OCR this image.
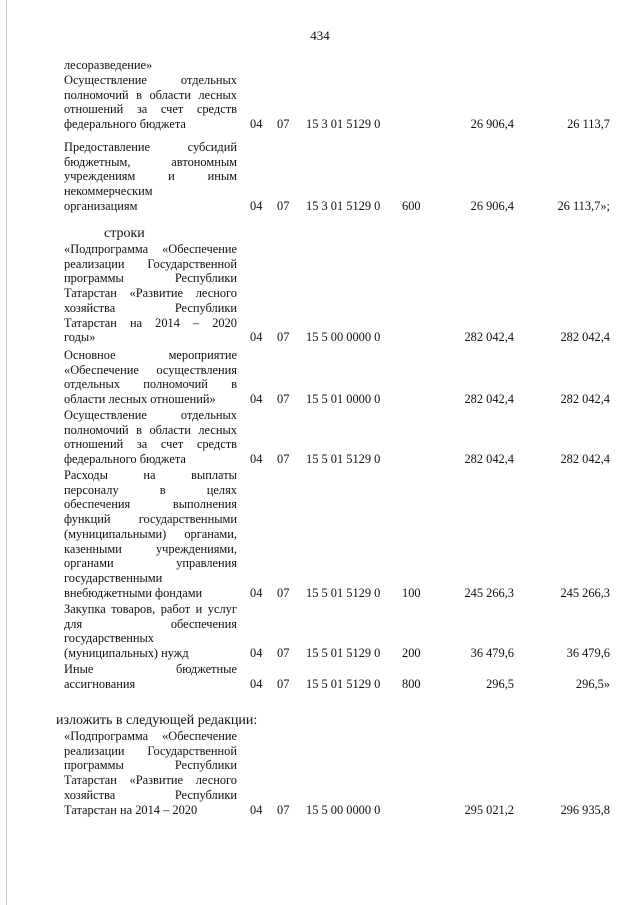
434
лесоразведение»
Осуществление	отдельных
полномочий в области лесных
отношений за счет средств
федерального бюджета	04 07 15 3 01 5129 0	26 906,4	26 113,7
Предоставление	субсидий
бюджетным,	автономным
учреждениям	и	иным
некоммерческим
организациям	04 07 15 3 01 5129 0 600	26 906,4	26 113,7»;
строки
«Подпрограмма «Обеспечение
реализации Государственной
программы	Республики
Татарстан «Развитие лесного
хозяйства	Республики
Татарстан на 2014 – 2020
годы»	04 07 15 5 00 0000 0	282 042,4	282 042,4
Основное	мероприятие
«Обеспечение осуществления
отдельных полномочий в
области лесных отношений»	04 07 15 5 01 0000 0	282 042,4	282 042,4
Осуществление	отдельных
полномочий в области лесных
отношений за счет средств
федерального бюджета	04 07 15 5 01 5129 0	282 042,4	282 042,4
Расходы	на	выплаты
персоналу	в	целях
обеспечения	выполнения
функций государственными
(муниципальными) органами,
казенными	учреждениями,
органами	управления
государственными
внебюджетными фондами	04 07 15 5 01 5129 0 100	245 266,3	245 266,3
Закупка товаров, работ и услуг
для	обеспечения
государственных
(муниципальных) нужд	04 07 15 5 01 5129 0 200	36 479,6	36 479,6
Иные	бюджетные
ассигнования	04 07 15 5 01 5129 0 800	296,5	296,5»
изложить в следующей редакции:
«Подпрограмма «Обеспечение
реализации Государственной
программы	Республики
Татарстан «Развитие лесного
хозяйства	Республики
Татарстан на 2014 – 2020	04 07 15 5 00 0000 0	295 021,2	296 935,8
